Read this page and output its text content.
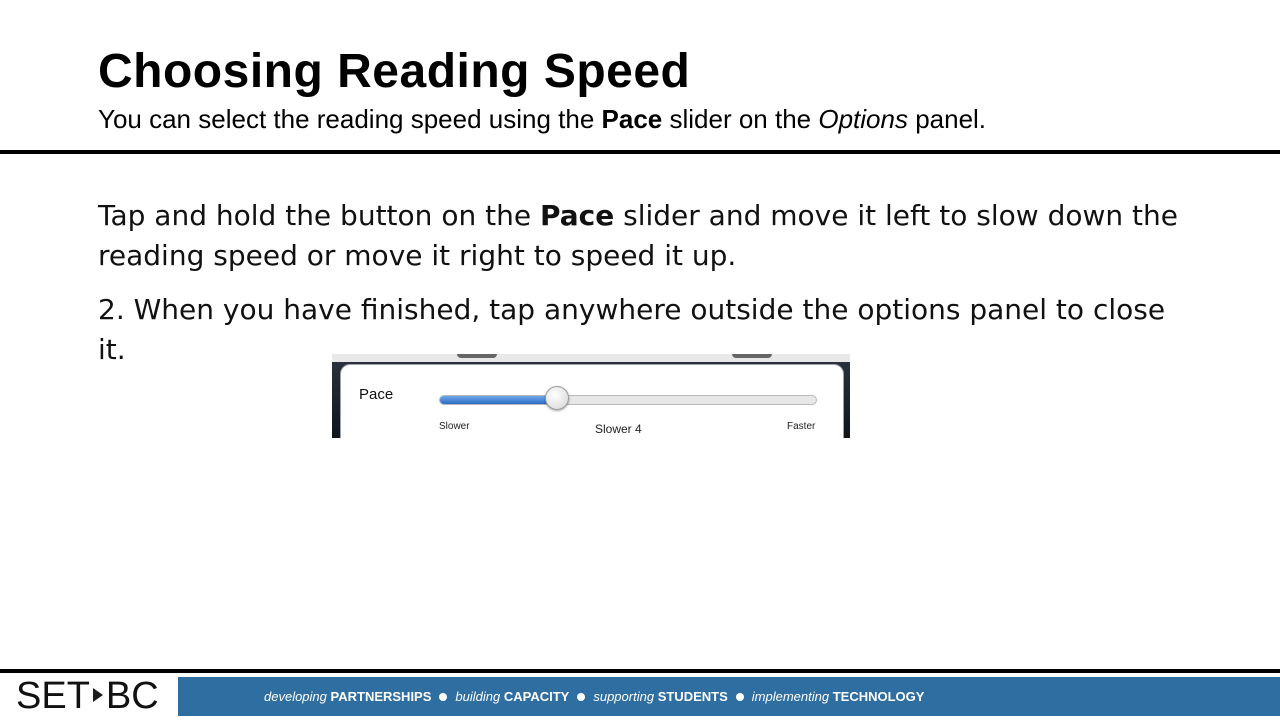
Choosing Reading Speed

You can select the reading speed using the Pace slider on the Options panel.

Tap and hold the button on the Pace slider and move it left to slow down the reading speed or move it right to speed it up.

2. When you have finished, tap anywhere outside the options panel to close it.

Pace
Slower	Slower 4	Faster
SET BC	developing PARTNERSHIPS building CAPACITY supporting STUDENTS implementing TECHNOLOGY
